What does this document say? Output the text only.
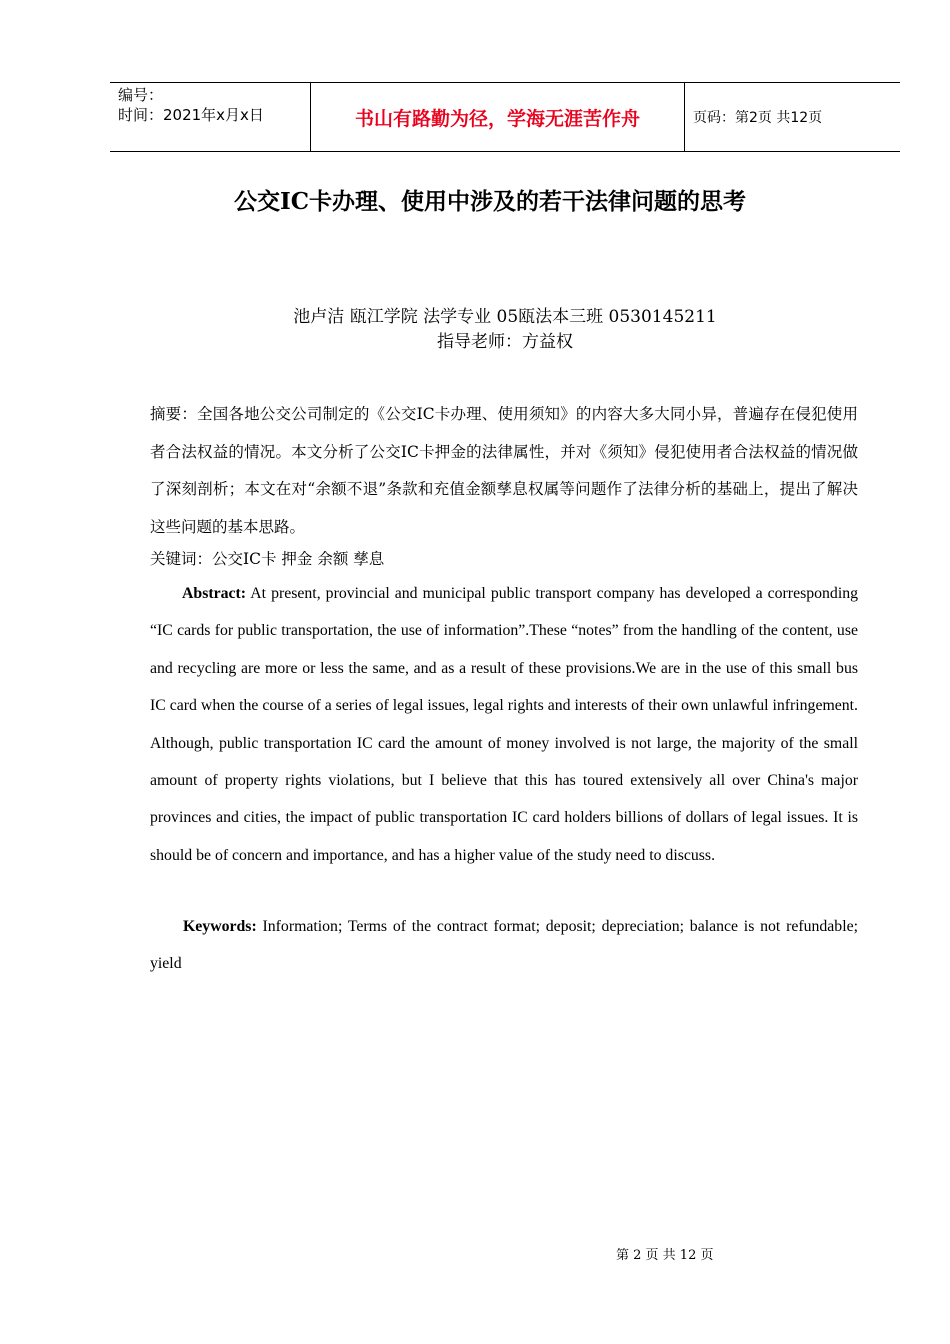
编号：
时间：2021年x月x日	书山有路勤为径，学海无涯苦作舟	页码：第2页 共12页
公交IC卡办理、使用中涉及的若干法律问题的思考
池卢洁 瓯江学院 法学专业 05瓯法本三班 0530145211
指导老师：方益权
摘要：全国各地公交公司制定的《公交IC卡办理、使用须知》的内容大多大同小异，普遍存在侵犯使用者合法权益的情况。本文分析了公交IC卡押金的法律属性，并对《须知》侵犯使用者合法权益的情况做了深刻剖析；本文在对“余额不退”条款和充值金额孳息权属等问题作了法律分析的基础上，提出了解决这些问题的基本思路。
关键词：公交IC卡 押金 余额 孳息
Abstract: At present, provincial and municipal public transport company has developed a corresponding “IC cards for public transportation, the use of information”.These “notes” from the handling of the content, use and recycling are more or less the same, and as a result of these provisions.We are in the use of this small bus IC card when the course of a series of legal issues, legal rights and interests of their own unlawful infringement. Although, public transportation IC card the amount of money involved is not large, the majority of the small amount of property rights violations, but I believe that this has toured extensively all over China's major provinces and cities, the impact of public transportation IC card holders billions of dollars of legal issues. It is should be of concern and importance, and has a higher value of the study need to discuss.
Keywords: Information; Terms of the contract format; deposit; depreciation; balance is not refundable; yield
第 2 页 共 12 页
